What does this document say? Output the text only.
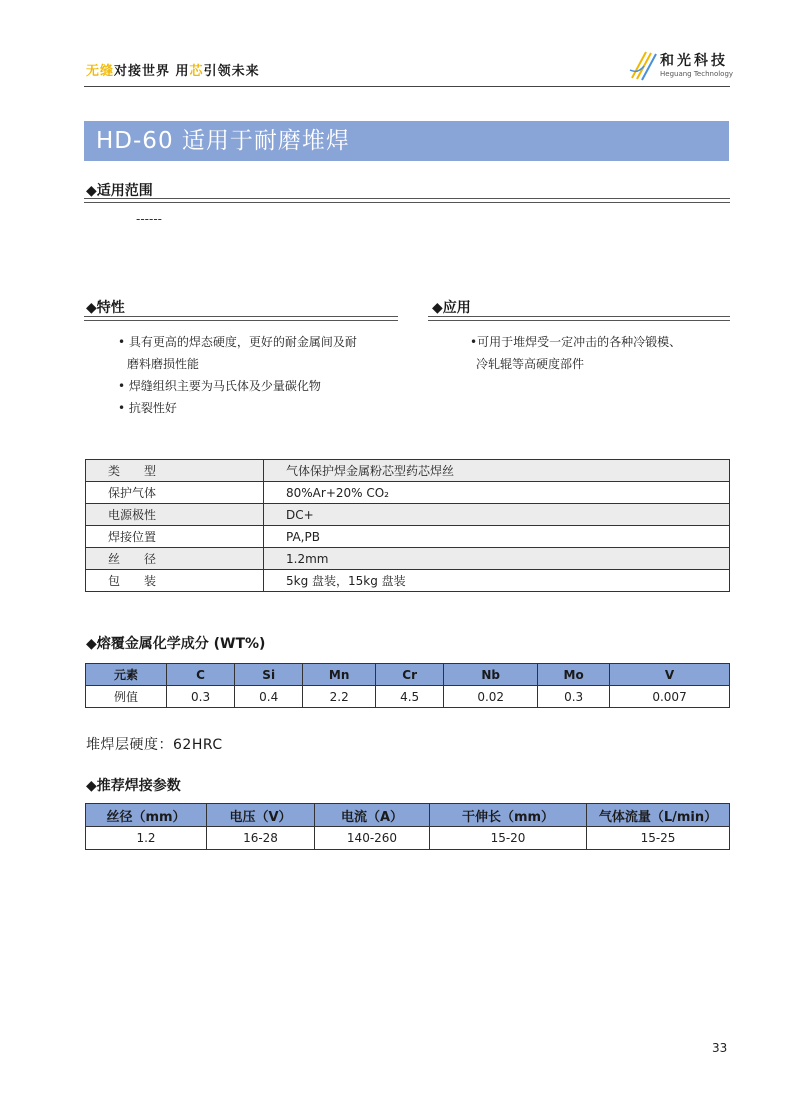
无缝对接世界 用芯引领未来
和光科技
Heguang Technology
HD-60 适用于耐磨堆焊
◆适用范围
------
◆特性
• 具有更高的焊态硬度，更好的耐金属间及耐
磨料磨损性能
• 焊缝组织主要为马氏体及少量碳化物
• 抗裂性好
◆应用
•可用于堆焊受一定冲击的各种冷锻模、
冷轧辊等高硬度部件
类　　型	气体保护焊金属粉芯型药芯焊丝
保护气体	80%Ar+20% CO₂
电源极性	DC+
焊接位置	PA,PB
丝　　径	1.2mm
包　　装	5kg 盘装，15kg 盘装
◆熔覆金属化学成分 (WT%)
元素	C	Si	Mn	Cr	Nb	Mo	V
例值	0.3	0.4	2.2	4.5	0.02	0.3	0.007
堆焊层硬度：62HRC
◆推荐焊接参数
丝径（mm）	电压（V）	电流（A）	干伸长（mm）	气体流量（L/min）
1.2	16-28	140-260	15-20	15-25
33
